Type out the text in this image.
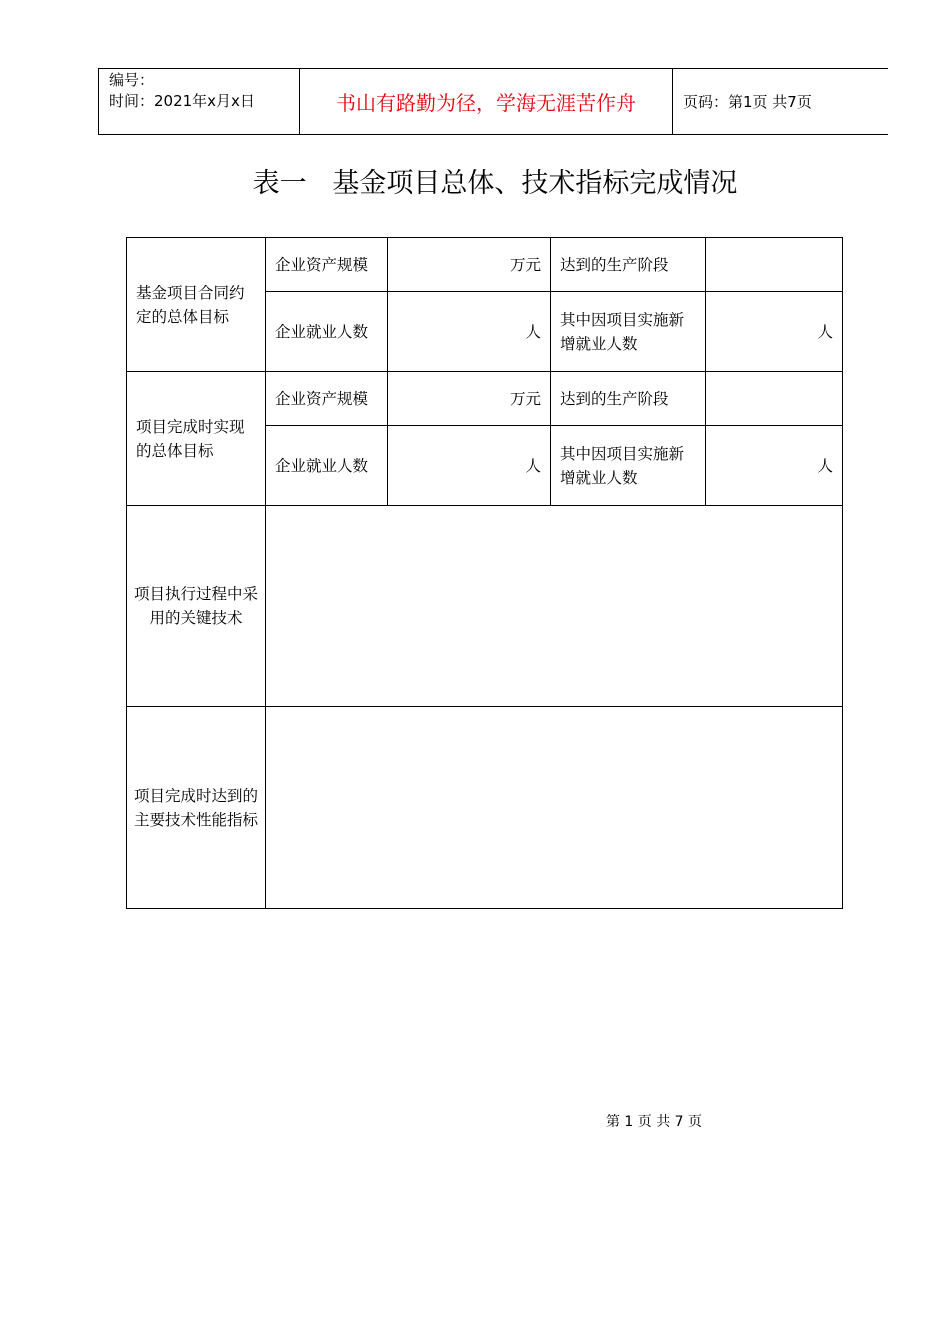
编号：
时间：2021年x月x日	书山有路勤为径，学海无涯苦作舟	页码：第1页 共7页
表一   基金项目总体、技术指标完成情况
基金项目合同约定的总体目标	企业资产规模	万元	达到的生产阶段	
	企业就业人数	人	其中因项目实施新增就业人数	人
项目完成时实现的总体目标	企业资产规模	万元	达到的生产阶段	
	企业就业人数	人	其中因项目实施新增就业人数	人
项目执行过程中采用的关键技术				
项目完成时达到的主要技术性能指标				
第 1 页 共 7 页
